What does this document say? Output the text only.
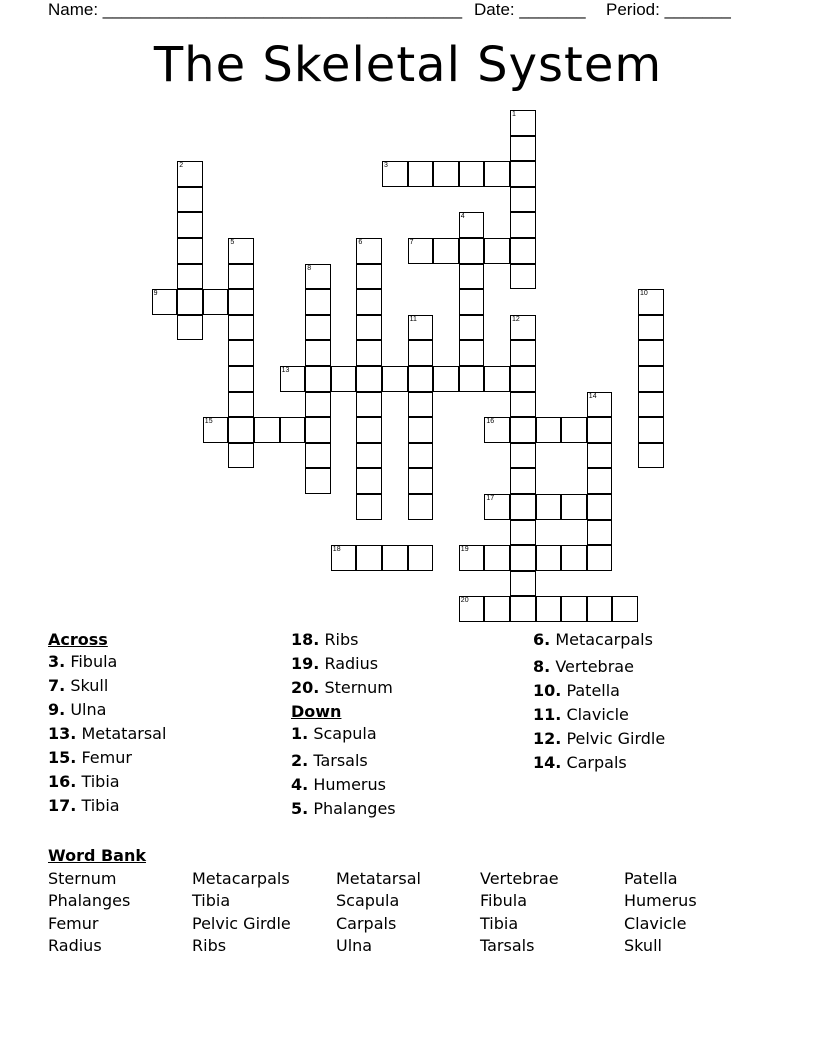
Name: ______________________________________ Date: _______ Period: _______
The Skeletal System
3
7
9
13
15	16
17
18	19
20
1
2
4
5	6
8
10
11	12
14
Across
3. Fibula
7. Skull
9. Ulna
13. Metatarsal
15. Femur
16. Tibia
17. Tibia
18. Ribs
19. Radius
20. Sternum
Down
1. Scapula
2. Tarsals
4. Humerus
5. Phalanges
6. Metacarpals
8. Vertebrae
10. Patella
11. Clavicle
12. Pelvic Girdle
14. Carpals
Word Bank
Sternum
Phalanges
Femur
Radius
Metacarpals
Tibia
Pelvic Girdle
Ribs
Metatarsal
Scapula
Carpals
Ulna
Vertebrae
Fibula
Tibia
Tarsals
Patella
Humerus
Clavicle
Skull
